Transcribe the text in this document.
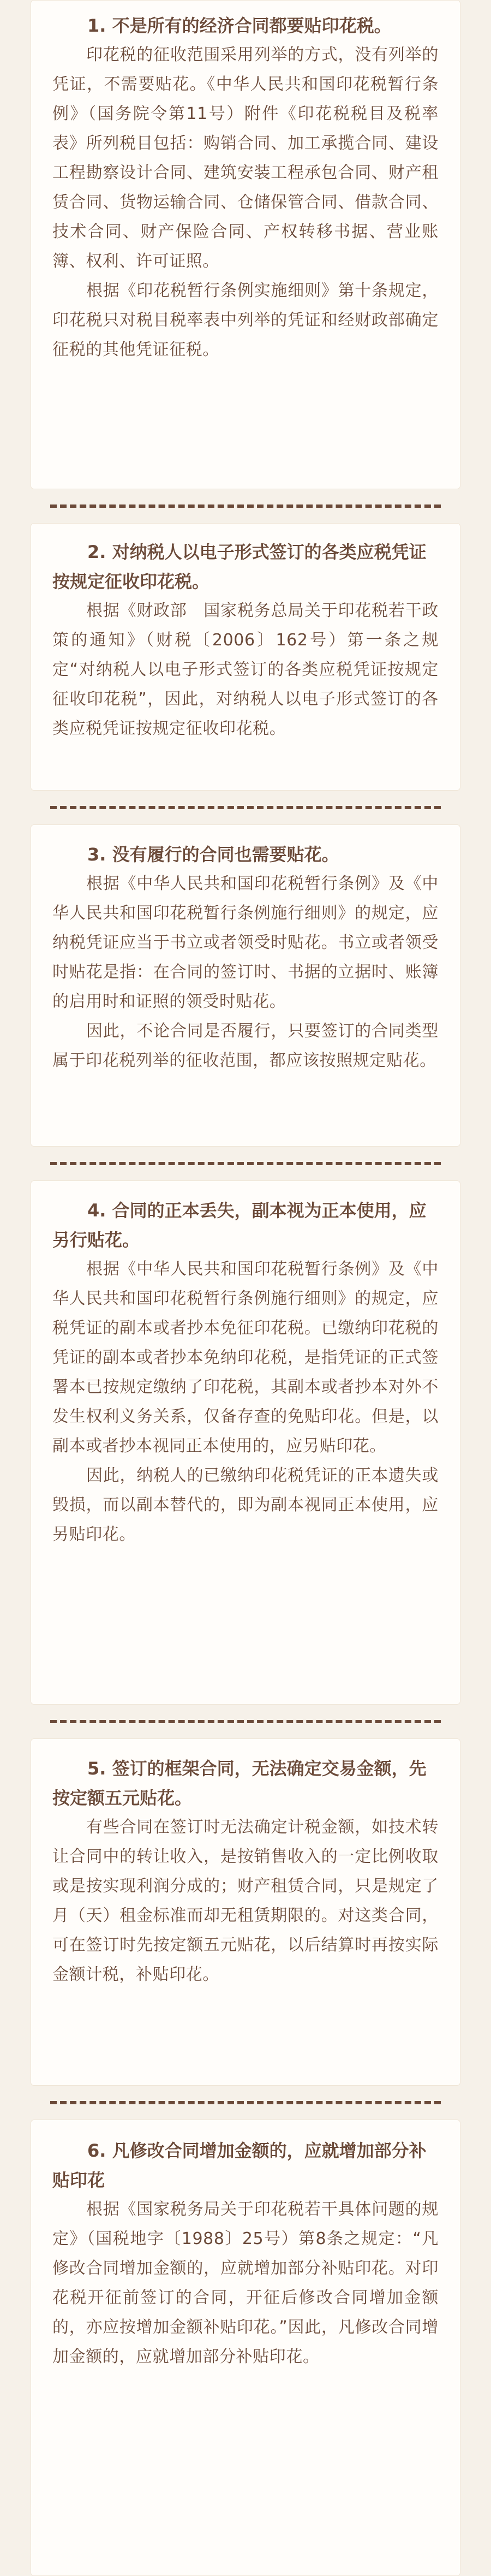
1. 不是所有的经济合同都要贴印花税。

印花税的征收范围采用列举的方式，没有列举的凭证，不需要贴花。《中华人民共和国印花税暂行条例》（国务院令第11号）附件《印花税税目及税率表》所列税目包括：购销合同、加工承揽合同、建设工程勘察设计合同、建筑安装工程承包合同、财产租赁合同、货物运输合同、仓储保管合同、借款合同、技术合同、财产保险合同、产权转移书据、营业账簿、权利、许可证照。

根据《印花税暂行条例实施细则》第十条规定，印花税只对税目税率表中列举的凭证和经财政部确定征税的其他凭证征税。

2. 对纳税人以电子形式签订的各类应税凭证按规定征收印花税。

根据《财政部　国家税务总局关于印花税若干政策的通知》（财税〔2006〕162号）第一条之规定“对纳税人以电子形式签订的各类应税凭证按规定征收印花税”，因此，对纳税人以电子形式签订的各类应税凭证按规定征收印花税。

3. 没有履行的合同也需要贴花。

根据《中华人民共和国印花税暂行条例》及《中华人民共和国印花税暂行条例施行细则》的规定，应纳税凭证应当于书立或者领受时贴花。书立或者领受时贴花是指：在合同的签订时、书据的立据时、账簿的启用时和证照的领受时贴花。

因此，不论合同是否履行，只要签订的合同类型属于印花税列举的征收范围，都应该按照规定贴花。

4. 合同的正本丢失，副本视为正本使用，应另行贴花。

根据《中华人民共和国印花税暂行条例》及《中华人民共和国印花税暂行条例施行细则》的规定，应税凭证的副本或者抄本免征印花税。已缴纳印花税的凭证的副本或者抄本免纳印花税，是指凭证的正式签署本已按规定缴纳了印花税，其副本或者抄本对外不发生权利义务关系，仅备存查的免贴印花。但是，以副本或者抄本视同正本使用的，应另贴印花。

因此，纳税人的已缴纳印花税凭证的正本遗失或毁损，而以副本替代的，即为副本视同正本使用，应另贴印花。

5. 签订的框架合同，无法确定交易金额，先按定额五元贴花。

有些合同在签订时无法确定计税金额，如技术转让合同中的转让收入，是按销售收入的一定比例收取或是按实现利润分成的；财产租赁合同，只是规定了月（天）租金标准而却无租赁期限的。对这类合同，可在签订时先按定额五元贴花，以后结算时再按实际金额计税，补贴印花。

6. 凡修改合同增加金额的，应就增加部分补贴印花

根据《国家税务局关于印花税若干具体问题的规定》（国税地字〔1988〕25号）第8条之规定：“凡修改合同增加金额的，应就增加部分补贴印花。对印花税开征前签订的合同，开征后修改合同增加金额的，亦应按增加金额补贴印花。”因此，凡修改合同增加金额的，应就增加部分补贴印花。
